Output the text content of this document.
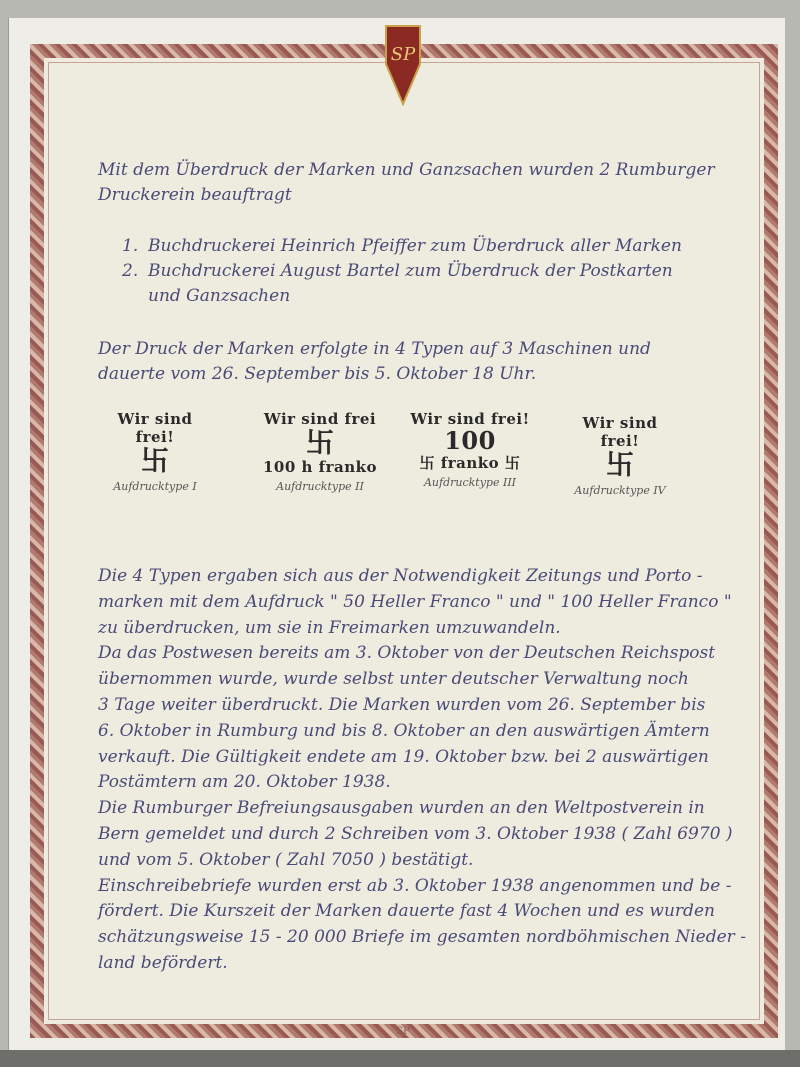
SP
SP
Mit dem Überdruck der Marken und Ganzsachen wurden 2 Rumburger
Druckerein beauftragt
1. Buchdruckerei Heinrich Pfeiffer zum Überdruck aller Marken
2. Buchdruckerei August Bartel zum Überdruck der Postkarten
und Ganzsachen
Der Druck der Marken erfolgte in 4 Typen auf 3 Maschinen und
dauerte vom 26. September bis 5. Oktober 18 Uhr.
Wir sind
frei!
卐
Aufdrucktype I
Wir sind frei
卐
100 h franko
Aufdrucktype II
Wir sind frei!
100
卐 franko 卐
Aufdrucktype III
Wir sind
frei!
卐
Aufdrucktype IV
Die 4 Typen ergaben sich aus der Notwendigkeit Zeitungs und Porto -
marken mit dem Aufdruck " 50 Heller Franco " und " 100 Heller Franco "
zu überdrucken, um sie in Freimarken umzuwandeln.
Da das Postwesen bereits am 3. Oktober von der Deutschen Reichspost
übernommen wurde, wurde selbst unter deutscher Verwaltung noch
3 Tage weiter überdruckt. Die Marken wurden vom 26. September bis
6. Oktober in Rumburg und bis 8. Oktober an den auswärtigen Ämtern
verkauft. Die Gültigkeit endete am 19. Oktober bzw. bei 2 auswärtigen
Postämtern am 20. Oktober 1938.
Die Rumburger Befreiungsausgaben wurden an den Weltpostverein in
Bern gemeldet und durch 2 Schreiben vom 3. Oktober 1938 ( Zahl 6970 )
und vom 5. Oktober ( Zahl 7050 ) bestätigt.
Einschreibebriefe wurden erst ab 3. Oktober 1938 angenommen und be -
fördert. Die Kurszeit der Marken dauerte fast 4 Wochen und es wurden
schätzungsweise 15 - 20 000 Briefe im gesamten nordböhmischen Nieder -
land befördert.
